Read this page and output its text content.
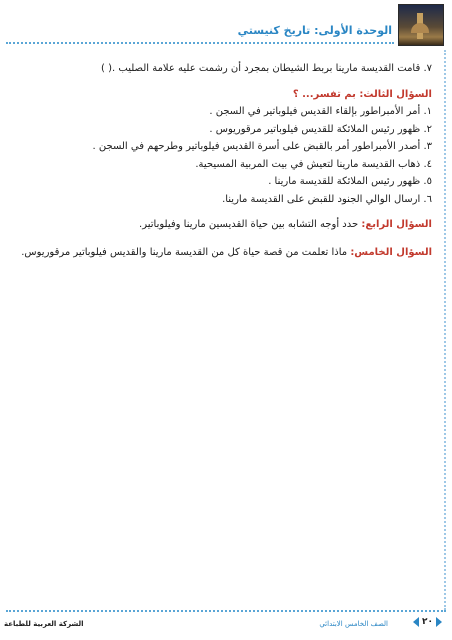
الوحدة الأولى: تاريخ كنيستي
٧. قامت القديسة مارينا بربط الشيطان بمجرد أن رشمت عليه علامة الصليب .( )
السؤال الثالث: بم تفسر... ؟
١. أمر الأمبراطور بإلقاء القديس فيلوباتير في السجن .
٢. ظهور رئيس الملائكة للقديس فيلوباتير مرقوريوس .
٣. أصدر الأمبراطور أمر بالقبض على أسرة القديس فيلوباتير وطرحهم في السجن .
٤. ذهاب القديسة مارينا لتعيش في بيت المربية المسيحية.
٥. ظهور رئيس الملائكة للقديسة مارينا .
٦. ارسال الوالي الجنود للقبض على القديسة مارينا.
السؤال الرابع: حدد أوجه التشابه بين حياة القديسين مارينا وفيلوباتير.
السؤال الخامس: ماذا تعلمت من قصة حياة كل من القديسة مارينا والقديس فيلوباتير مرقوريوس.
الشركة العربية للطباعة	الصف الخامس الابتدائي	٢٠
